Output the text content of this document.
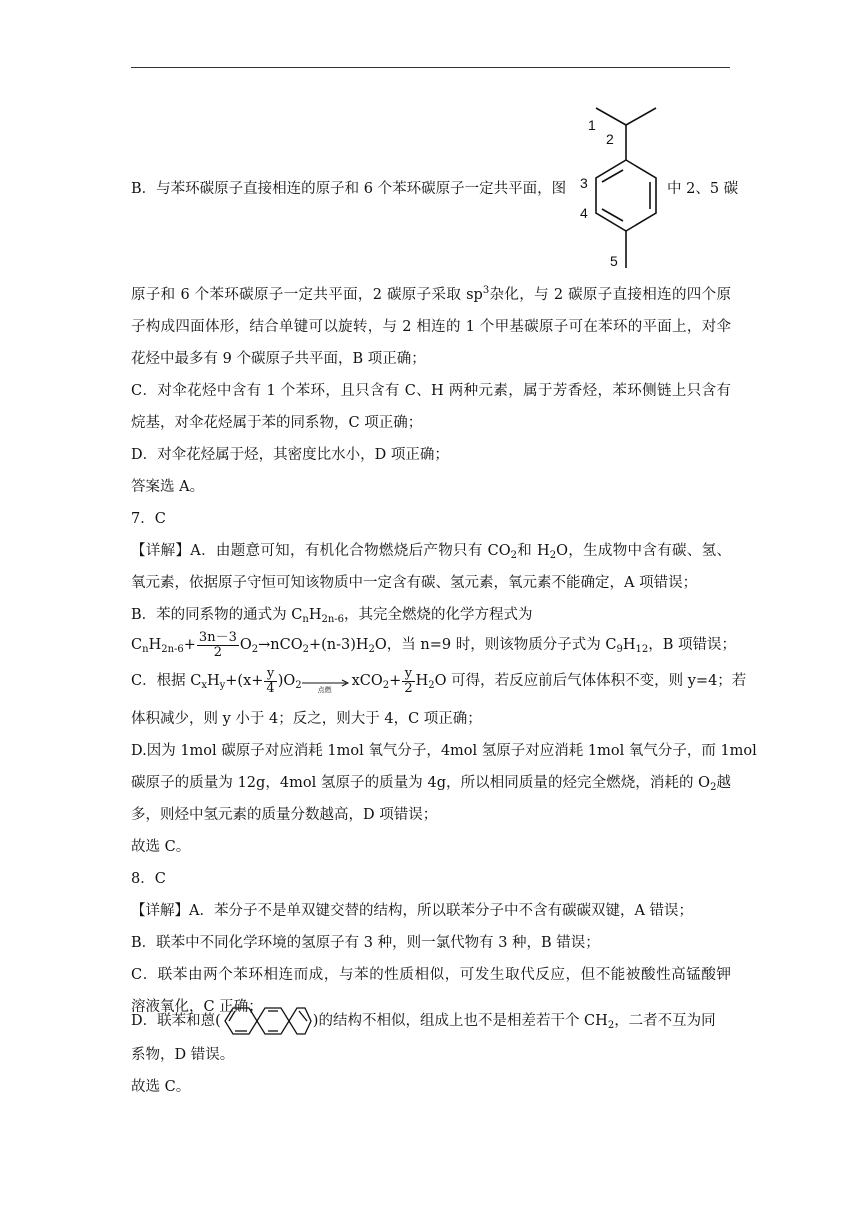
1
2
3
4
5
B．与苯环碳原子直接相连的原子和 6 个苯环碳原子一定共平面，图	中 2、5 碳
原子和 6 个苯环碳原子一定共平面，2 碳原子采取 $sp^3$杂化，与 2 碳原子直接相连的四个原
子构成四面体形，结合单键可以旋转，与 2 相连的 1 个甲基碳原子可在苯环的平面上，对伞
花烃中最多有 9 个碳原子共平面，B 项正确；
C．对伞花烃中含有 1 个苯环，且只含有 C、H 两种元素，属于芳香烃，苯环侧链上只含有
烷基，对伞花烃属于苯的同系物，C 项正确；
D．对伞花烃属于烃，其密度比水小，D 项正确；
答案选 A。
7．C
【详解】A．由题意可知，有机化合物燃烧后产物只有 $CO_2$和 $H_2O$，生成物中含有碳、氢、
氧元素，依据原子守恒可知该物质中一定含有碳、氢元素，氧元素不能确定，A 项错误；
B．苯的同系物的通式为 $C_nH_{2n-6}$，其完全燃烧的化学方程式为
$C_nH_{2n-6}+ \frac{3n-3}{2} O_2\to nCO_2+(n-3)H_2O$，当 n=9 时，则该物质分子式为 $C_9H_{12}$，B 项错误；
C．根据 $C_xH_y+(x+ \frac{y}{4} )O_2$	点燃
$xCO_2+ \frac{y}{2} H_2O$ 可得，若反应前后气体体积不变，则 y=4；若
体积减少，则 y 小于 4；反之，则大于 4，C 项正确；
D.因为 1mol 碳原子对应消耗 1mol 氧气分子，4mol 氢原子对应消耗 1mol 氧气分子，而 1mol
碳原子的质量为 12g，4mol 氢原子的质量为 4g，所以相同质量的烃完全燃烧，消耗的 $O_2$越
多，则烃中氢元素的质量分数越高，D 项错误；
故选 C。
8．C
【详解】A．苯分子不是单双键交替的结构，所以联苯分子中不含有碳碳双键，A 错误；
B．联苯中不同化学环境的氢原子有 3 种，则一氯代物有 3 种，B 错误；
C．联苯由两个苯环相连而成，与苯的性质相似，可发生取代反应，但不能被酸性高锰酸钾
溶液氧化，C 正确；
D．联苯和蒽(	)的结构不相似，组成上也不是相差若干个 $CH_2$，二者不互为同
系物，D 错误。
故选 C。
